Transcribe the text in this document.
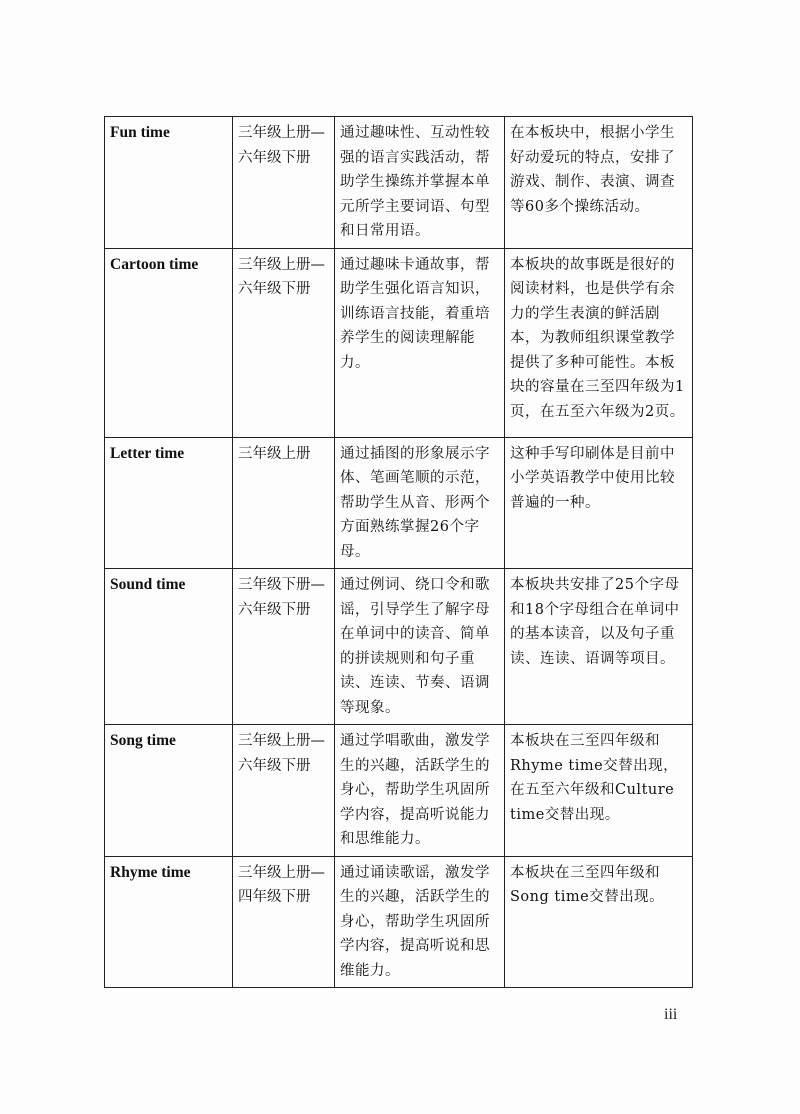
Fun time	三年级上册—六年级下册	通过趣味性、互动性较强的语言实践活动，帮助学生操练并掌握本单元所学主要词语、句型和日常用语。	在本板块中，根据小学生好动爱玩的特点，安排了游戏、制作、表演、调查等60多个操练活动。
Cartoon time	三年级上册—六年级下册	通过趣味卡通故事，帮助学生强化语言知识，训练语言技能，着重培养学生的阅读理解能力。	本板块的故事既是很好的阅读材料，也是供学有余力的学生表演的鲜活剧本，为教师组织课堂教学提供了多种可能性。本板块的容量在三至四年级为1页，在五至六年级为2页。
Letter time	三年级上册	通过插图的形象展示字体、笔画笔顺的示范，帮助学生从音、形两个方面熟练掌握26个字母。	这种手写印刷体是目前中小学英语教学中使用比较普遍的一种。
Sound time	三年级下册—六年级下册	通过例词、绕口令和歌谣，引导学生了解字母在单词中的读音、简单的拼读规则和句子重读、连读、节奏、语调等现象。	本板块共安排了25个字母和18个字母组合在单词中的基本读音，以及句子重读、连读、语调等项目。
Song time	三年级上册—六年级下册	通过学唱歌曲，激发学生的兴趣，活跃学生的身心，帮助学生巩固所学内容，提高听说能力和思维能力。	本板块在三至四年级和Rhyme time交替出现，在五至六年级和Culture time交替出现。
Rhyme time	三年级上册—四年级下册	通过诵读歌谣，激发学生的兴趣，活跃学生的身心，帮助学生巩固所学内容，提高听说和思维能力。	本板块在三至四年级和Song time交替出现。
iii
